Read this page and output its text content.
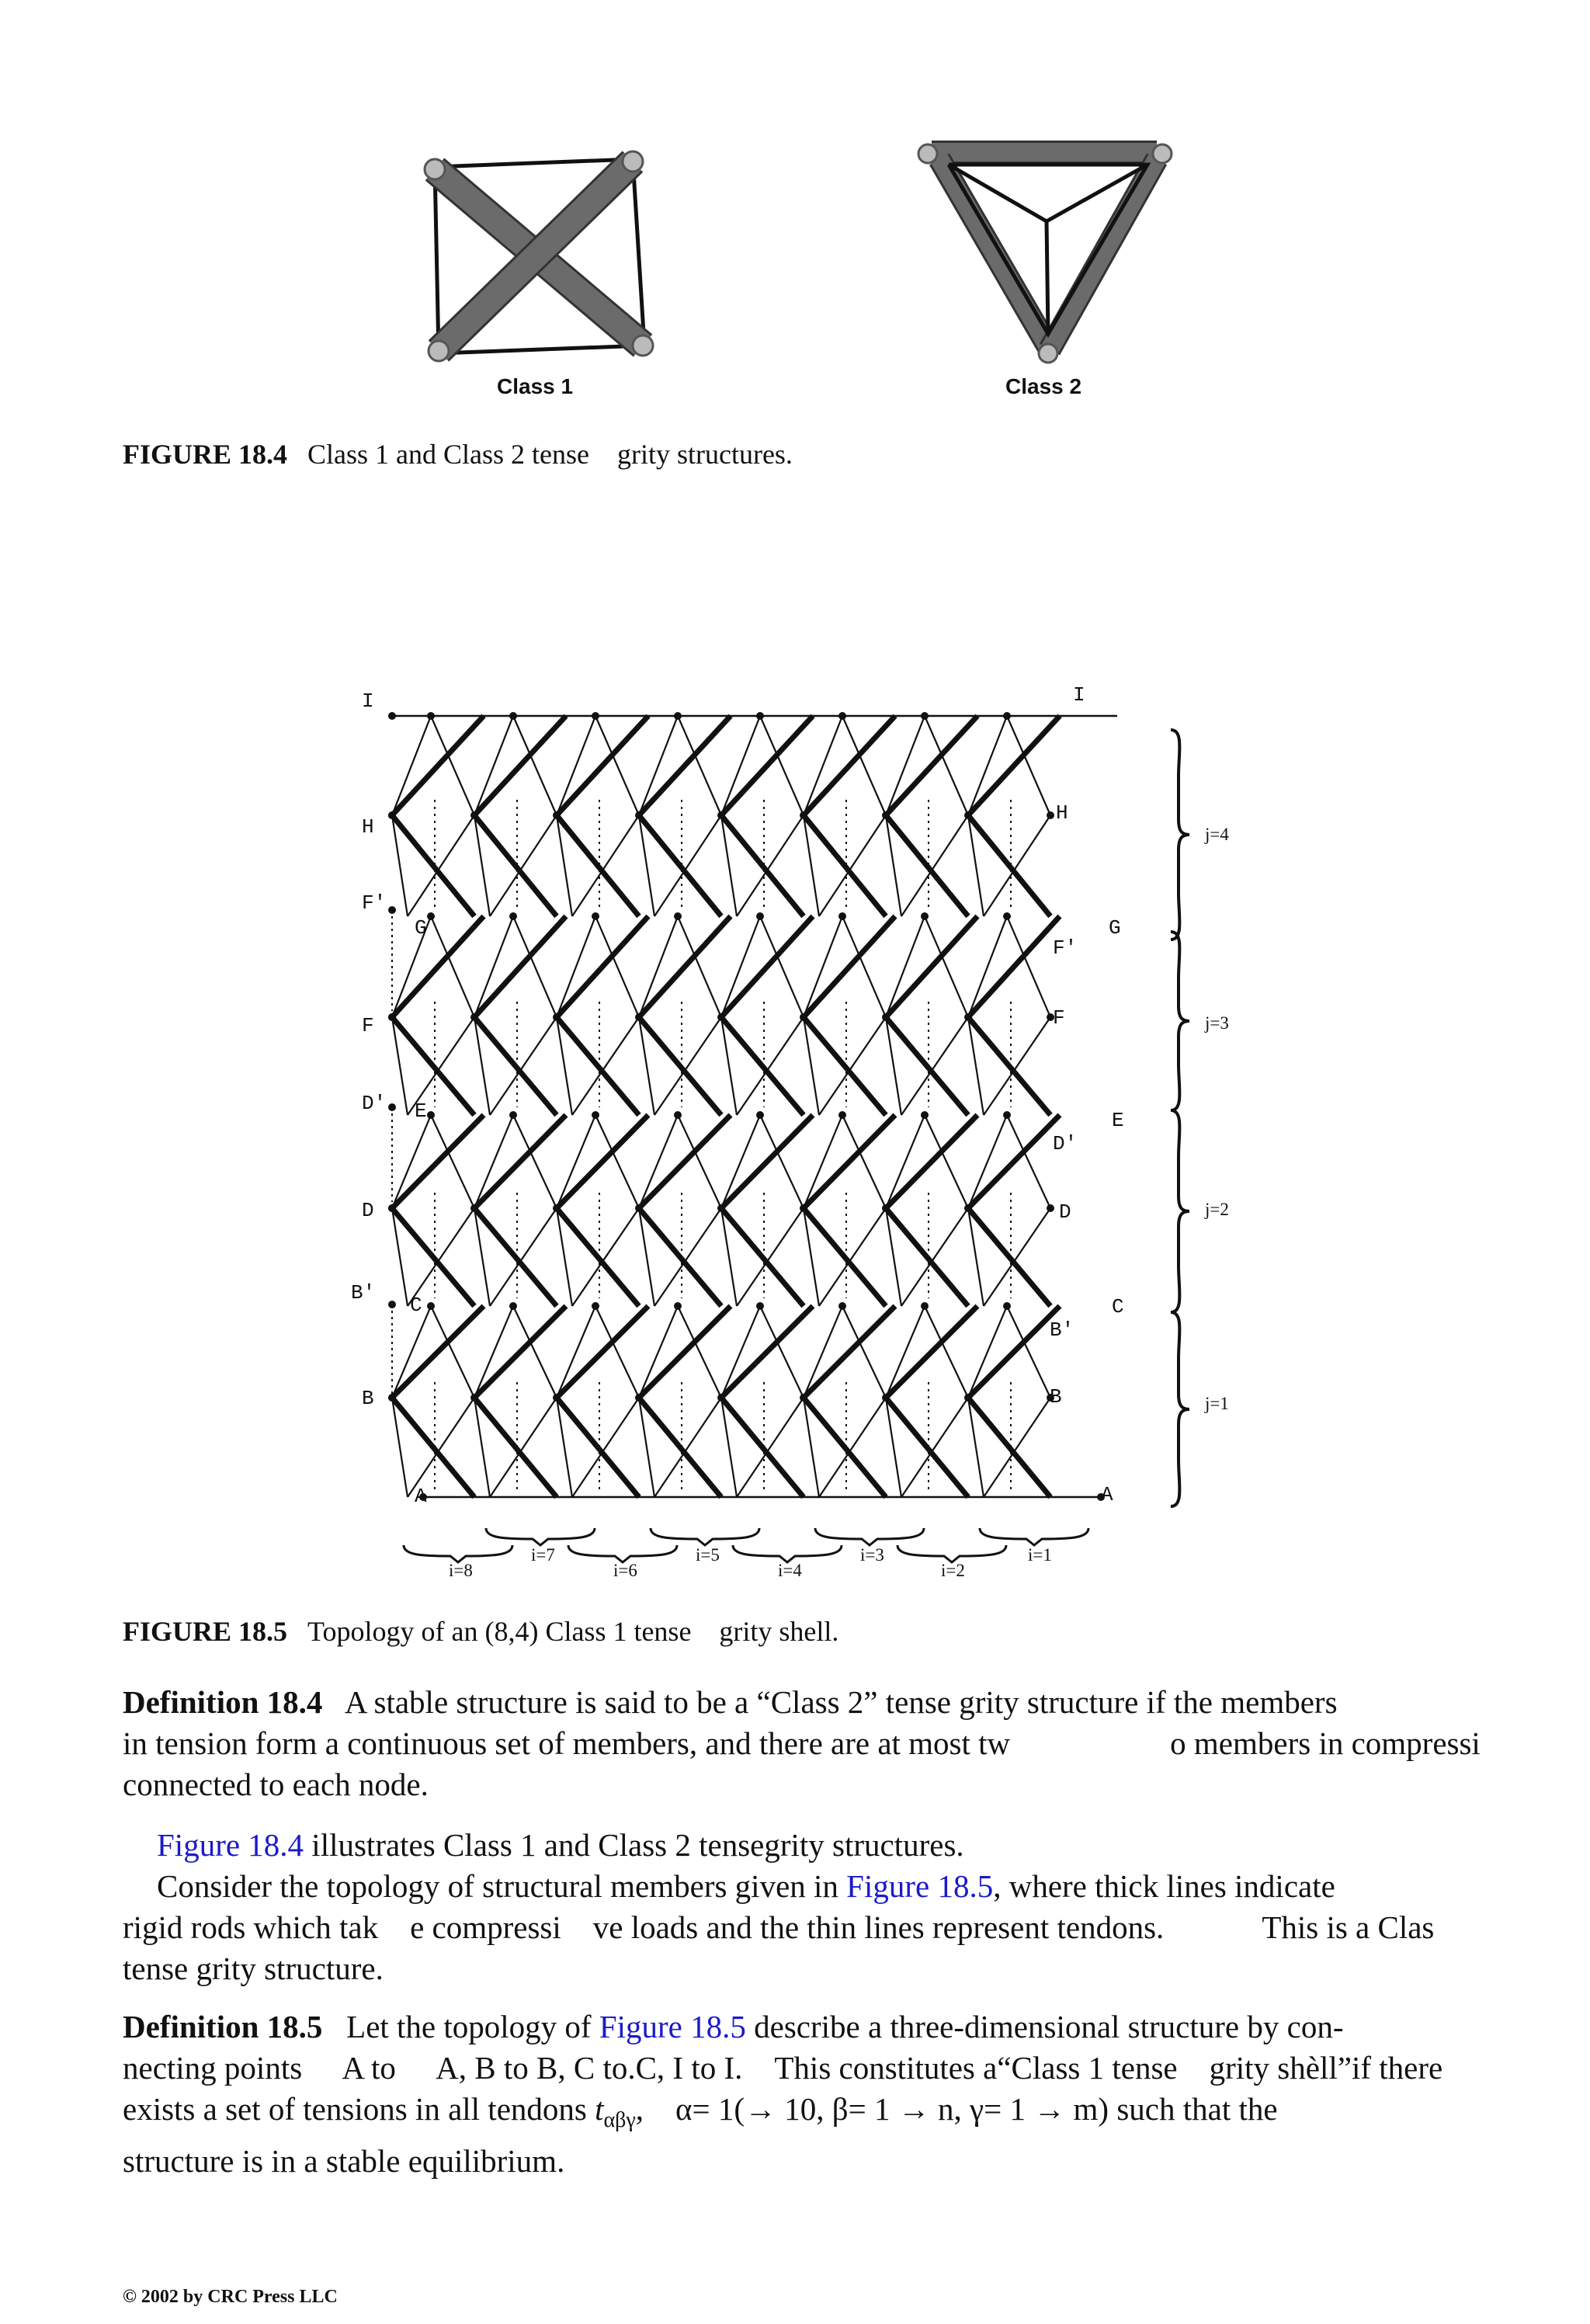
Class 1	Class 2
FIGURE 18.4 Class 1 and Class 2 tense grity structures.
I
H
F′
G
F
D′ E
D
B′
C
B
A
I
H
G
F′
F
E
D′
D
C
B′
B
A
j=4
j=3
j=2
j=1
i=8
i=7
i=6
i=5
i=4
i=3
i=2
i=1
FIGURE 18.5 Topology of an (8,4) Class 1 tense grity shell.
Definition 18.4 A stable structure is said to be a “Class 2” tense grity structure if the members
in tension form a continuous set of members, and there are at most tw	o members in compressi
connected to each node.
Figure 18.4 illustrates Class 1 and Class 2 tensegrity structures.
Consider the topology of structural members given in Figure 18.5, where thick lines indicate
rigid rods which tak e compressi ve loads and the thin lines represent tendons.	This is a Clas
tense grity structure.
Definition 18.5 Let the topology of Figure 18.5 describe a three-dimensional structure by con-
necting points  A to  A, B to B, C to.C, I to I. This constitutes a“Class 1 tense grity shèll”if there
exists a set of tensions in all tendons $t_{\alpha\beta\gamma}$, α= 1(→ 10, β= 1 → n, γ= 1 → m) such that the
structure is in a stable equilibrium.
© 2002 by CRC Press LLC
